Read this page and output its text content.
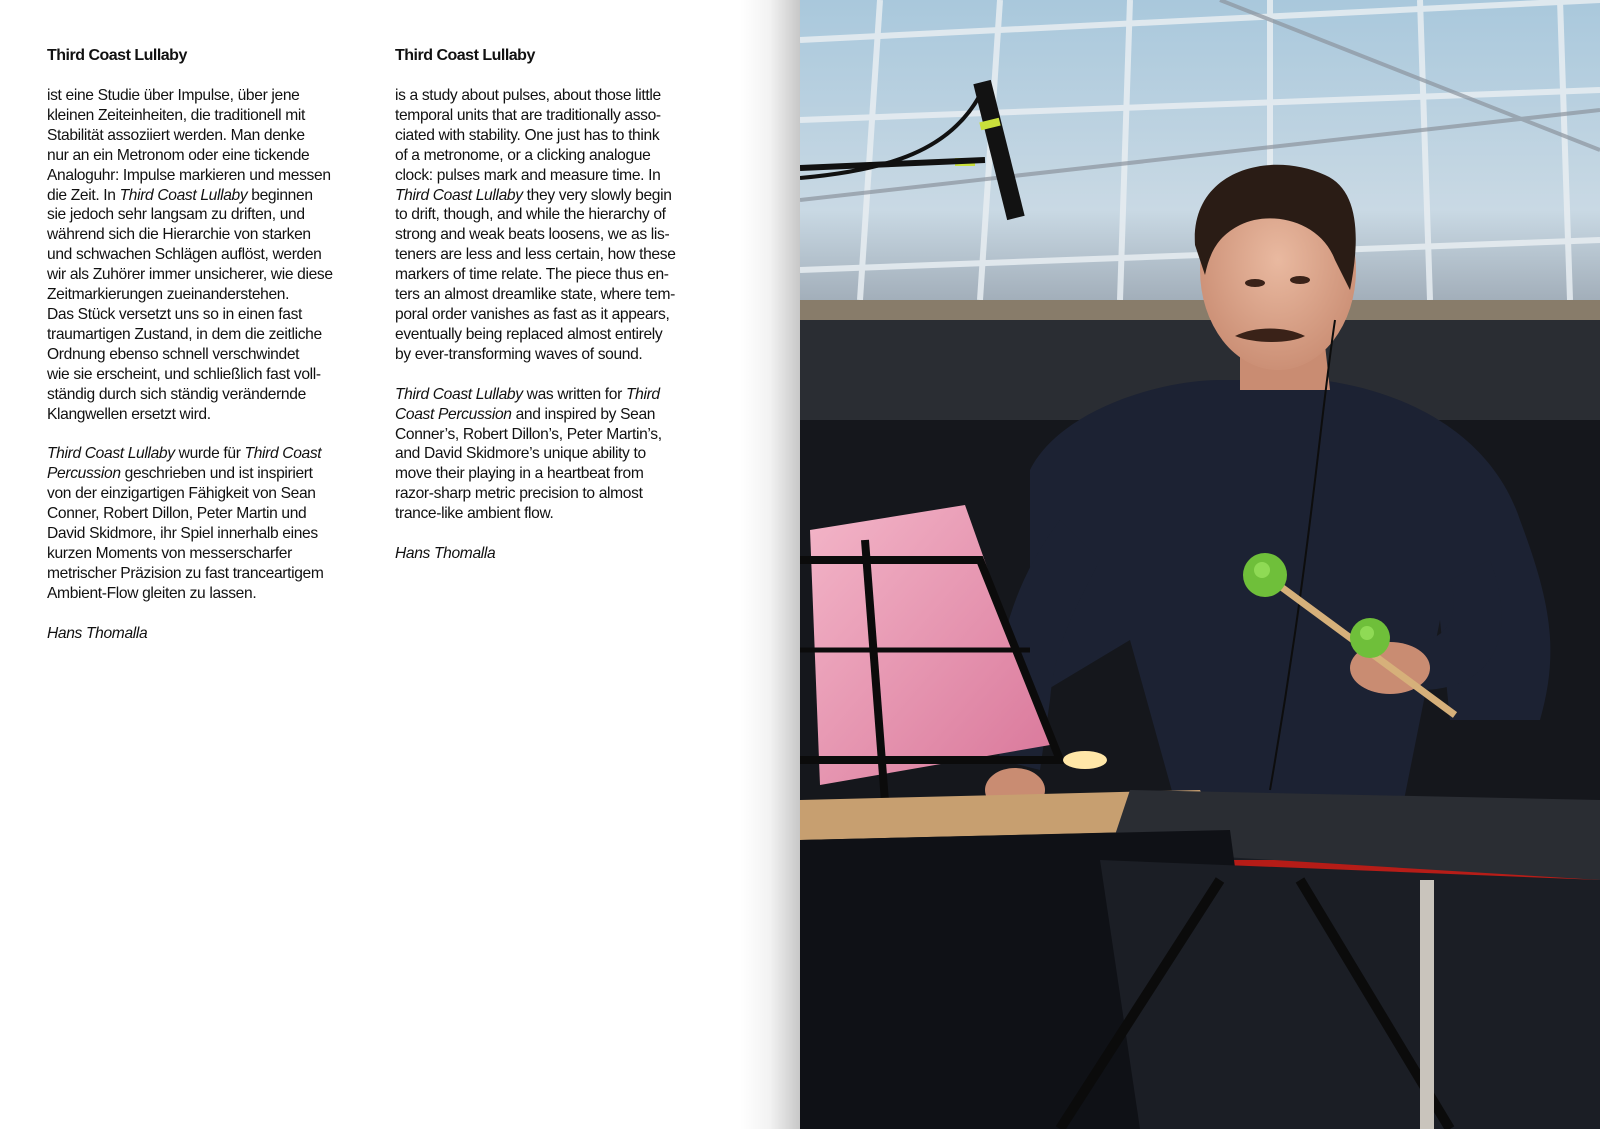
Third Coast Lullaby

ist eine Studie über Impulse, über jene
kleinen Zeiteinheiten, die traditionell mit
Stabilität assoziiert werden. Man denke
nur an ein Metronom oder eine tickende
Analoguhr: Impulse markieren und messen
die Zeit. In Third Coast Lullaby beginnen
sie jedoch sehr langsam zu driften, und
während sich die Hierarchie von starken
und schwachen Schlägen auflöst, werden
wir als Zuhörer immer unsicherer, wie diese
Zeitmarkierungen zueinanderstehen.
Das Stück versetzt uns so in einen fast
traumartigen Zustand, in dem die zeitliche
Ordnung ebenso schnell verschwindet
wie sie erscheint, und schließlich fast voll-
ständig durch sich ständig verändernde
Klangwellen ersetzt wird.

Third Coast Lullaby wurde für Third Coast
Percussion geschrieben und ist inspiriert
von der einzigartigen Fähigkeit von Sean
Conner, Robert Dillon, Peter Martin und
David Skidmore, ihr Spiel innerhalb eines
kurzen Moments von messerscharfer
metrischer Präzision zu fast tranceartigem
Ambient-Flow gleiten zu lassen.

Hans Thomalla

Third Coast Lullaby

is a study about pulses, about those little
temporal units that are traditionally asso-
ciated with stability. One just has to think
of a metronome, or a clicking analogue
clock: pulses mark and measure time. In
Third Coast Lullaby they very slowly begin
to drift, though, and while the hierarchy of
strong and weak beats loosens, we as lis-
teners are less and less certain, how these
markers of time relate. The piece thus en-
ters an almost dreamlike state, where tem-
poral order vanishes as fast as it appears,
eventually being replaced almost entirely
by ever-transforming waves of sound.

Third Coast Lullaby was written for Third
Coast Percussion and inspired by Sean
Conner’s, Robert Dillon’s, Peter Martin’s,
and David Skidmore’s unique ability to
move their playing in a heartbeat from
razor-sharp metric precision to almost
trance-like ambient flow.

Hans Thomalla
